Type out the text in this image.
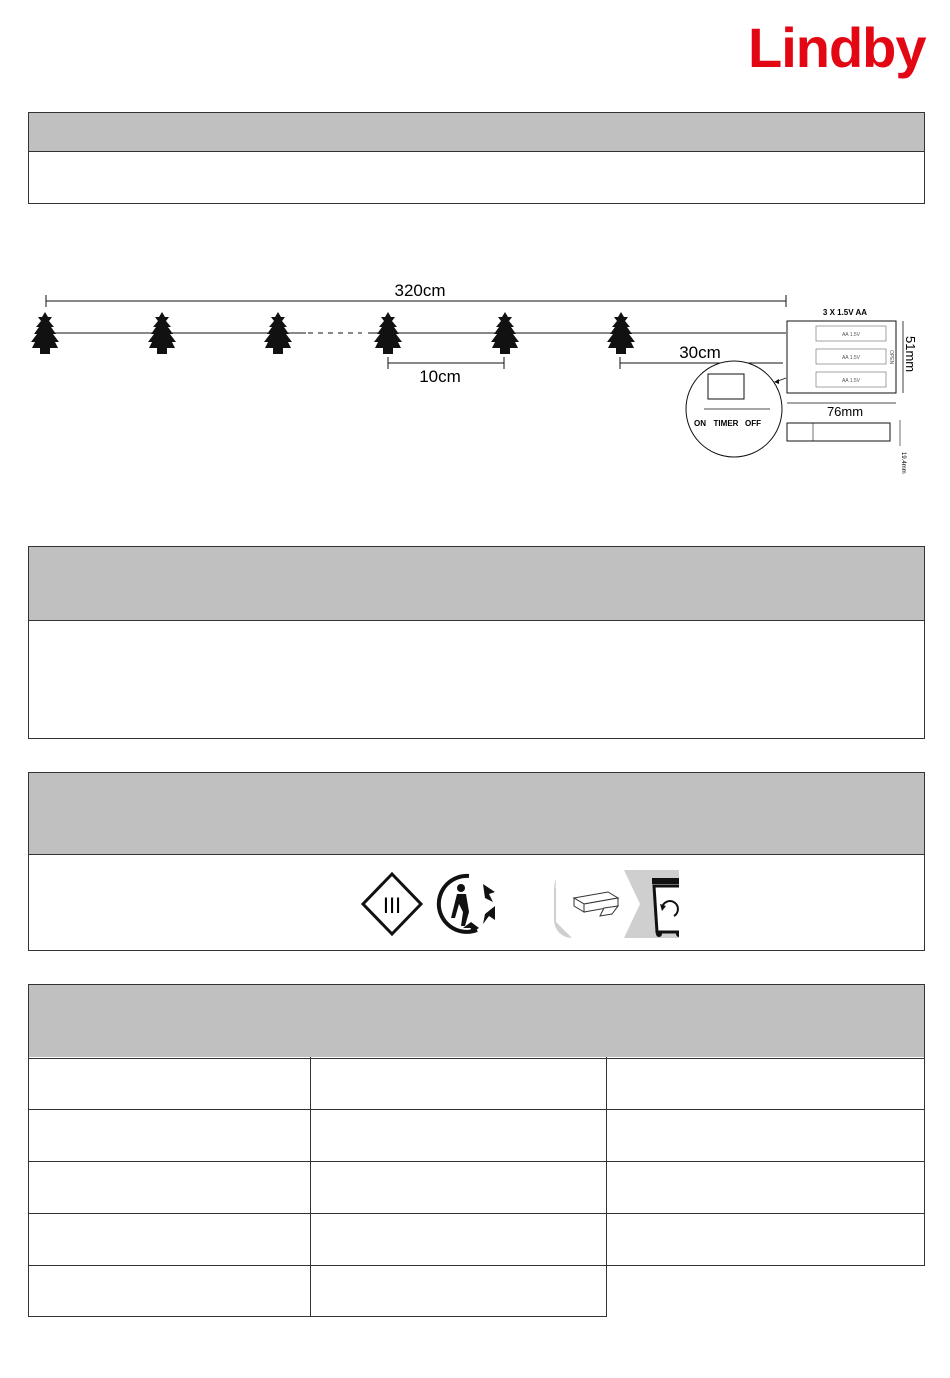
Lindby
320cm
10cm
30cm
3 X 1.5V AA
AA 1.5V
AA 1.5V
AA 1.5V
OPEN 51mm
76mm
19.4mm
ON TIMER OFF
III
